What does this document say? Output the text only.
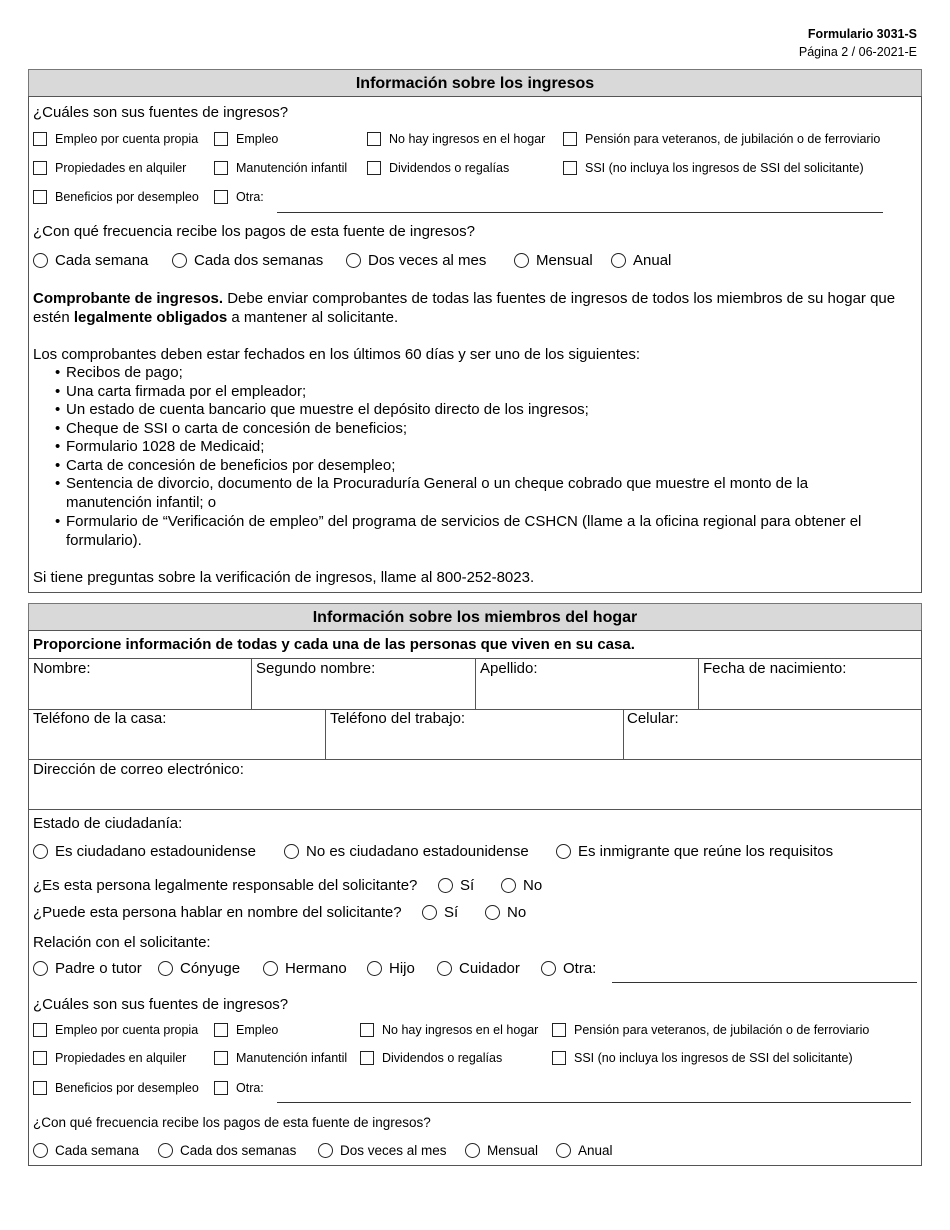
Formulario 3031-S
Página 2 / 06-2021-E
Información sobre los ingresos
¿Cuáles son sus fuentes de ingresos?
Empleo por cuenta propia	Empleo	No hay ingresos en el hogar	Pensión para veteranos, de jubilación o de ferroviario
Propiedades en alquiler	Manutención infantil	Dividendos o regalías	SSI (no incluya los ingresos de SSI del solicitante)
Beneficios por desempleo	Otra:
¿Con qué frecuencia recibe los pagos de esta fuente de ingresos?
Cada semana	Cada dos semanas	Dos veces al mes	Mensual	Anual
Comprobante de ingresos. Debe enviar comprobantes de todas las fuentes de ingresos de todos los miembros de su hogar que estén legalmente obligados a mantener al solicitante.
Los comprobantes deben estar fechados en los últimos 60 días y ser uno de los siguientes:
• Recibos de pago;
• Una carta firmada por el empleador;
• Un estado de cuenta bancario que muestre el depósito directo de los ingresos;
• Cheque de SSI o carta de concesión de beneficios;
• Formulario 1028 de Medicaid;
• Carta de concesión de beneficios por desempleo;
• Sentencia de divorcio, documento de la Procuraduría General o un cheque cobrado que muestre el monto de la manutención infantil; o
• Formulario de “Verificación de empleo” del programa de servicios de CSHCN (llame a la oficina regional para obtener el formulario).
Si tiene preguntas sobre la verificación de ingresos, llame al 800-252-8023.
Información sobre los miembros del hogar
Proporcione información de todas y cada una de las personas que viven en su casa.
Nombre:	Segundo nombre:	Apellido:	Fecha de nacimiento:
Teléfono de la casa:	Teléfono del trabajo:	Celular:
Dirección de correo electrónico:
Estado de ciudadanía:
Es ciudadano estadounidense	No es ciudadano estadounidense	Es inmigrante que reúne los requisitos
¿Es esta persona legalmente responsable del solicitante?	Sí	No
¿Puede esta persona hablar en nombre del solicitante?	Sí	No
Relación con el solicitante:
Padre o tutor	Cónyuge	Hermano	Hijo	Cuidador	Otra:
¿Cuáles son sus fuentes de ingresos?
Empleo por cuenta propia	Empleo	No hay ingresos en el hogar	Pensión para veteranos, de jubilación o de ferroviario
Propiedades en alquiler	Manutención infantil	Dividendos o regalías	SSI (no incluya los ingresos de SSI del solicitante)
Beneficios por desempleo	Otra:
¿Con qué frecuencia recibe los pagos de esta fuente de ingresos?
Cada semana	Cada dos semanas	Dos veces al mes	Mensual	Anual
